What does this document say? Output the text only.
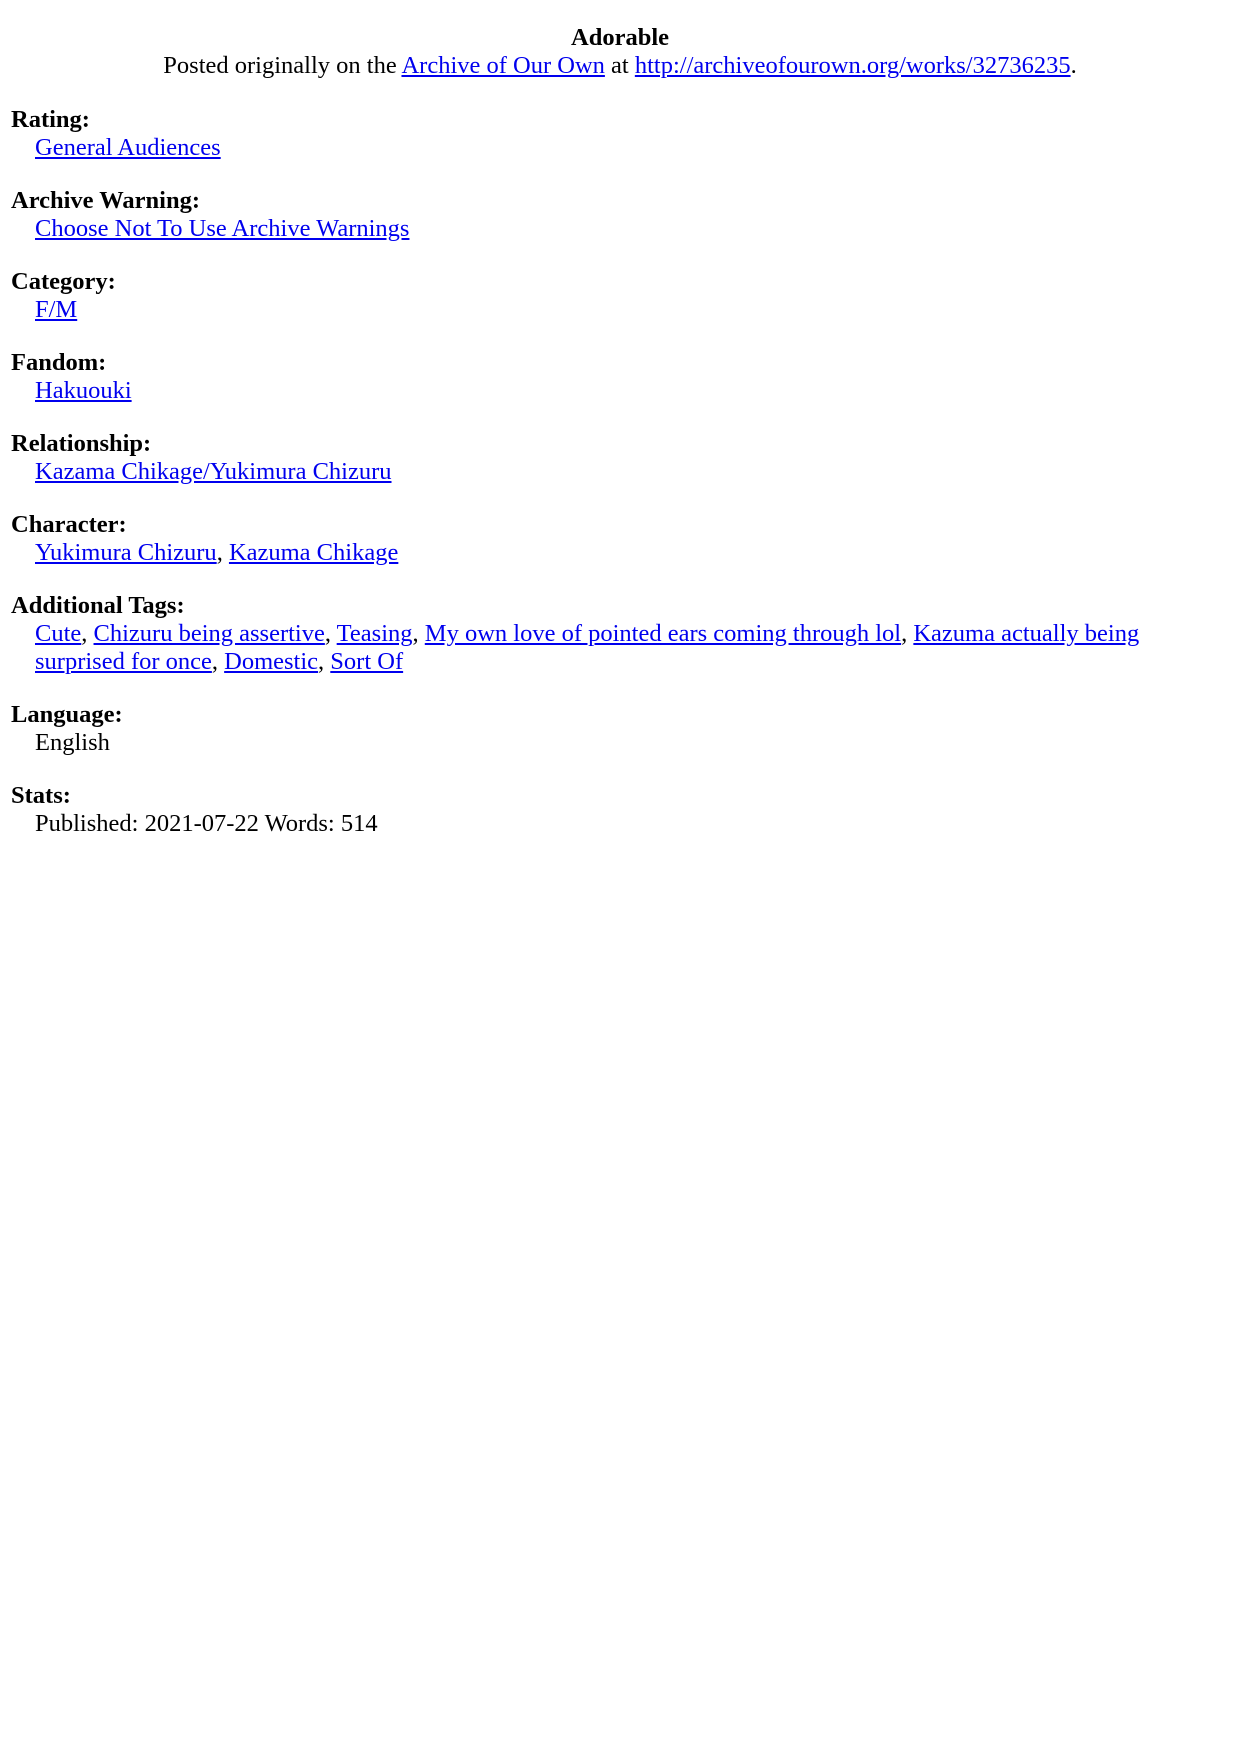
Adorable
Posted originally on the Archive of Our Own at http://archiveofourown.org/works/32736235.
Rating:
General Audiences
Archive Warning:
Choose Not To Use Archive Warnings
Category:
F/M
Fandom:
Hakuouki
Relationship:
Kazama Chikage/Yukimura Chizuru
Character:
Yukimura Chizuru, Kazuma Chikage
Additional Tags:
Cute, Chizuru being assertive, Teasing, My own love of pointed ears coming through lol, Kazuma actually being surprised for once, Domestic, Sort Of
Language:
English
Stats:
Published: 2021-07-22 Words: 514
